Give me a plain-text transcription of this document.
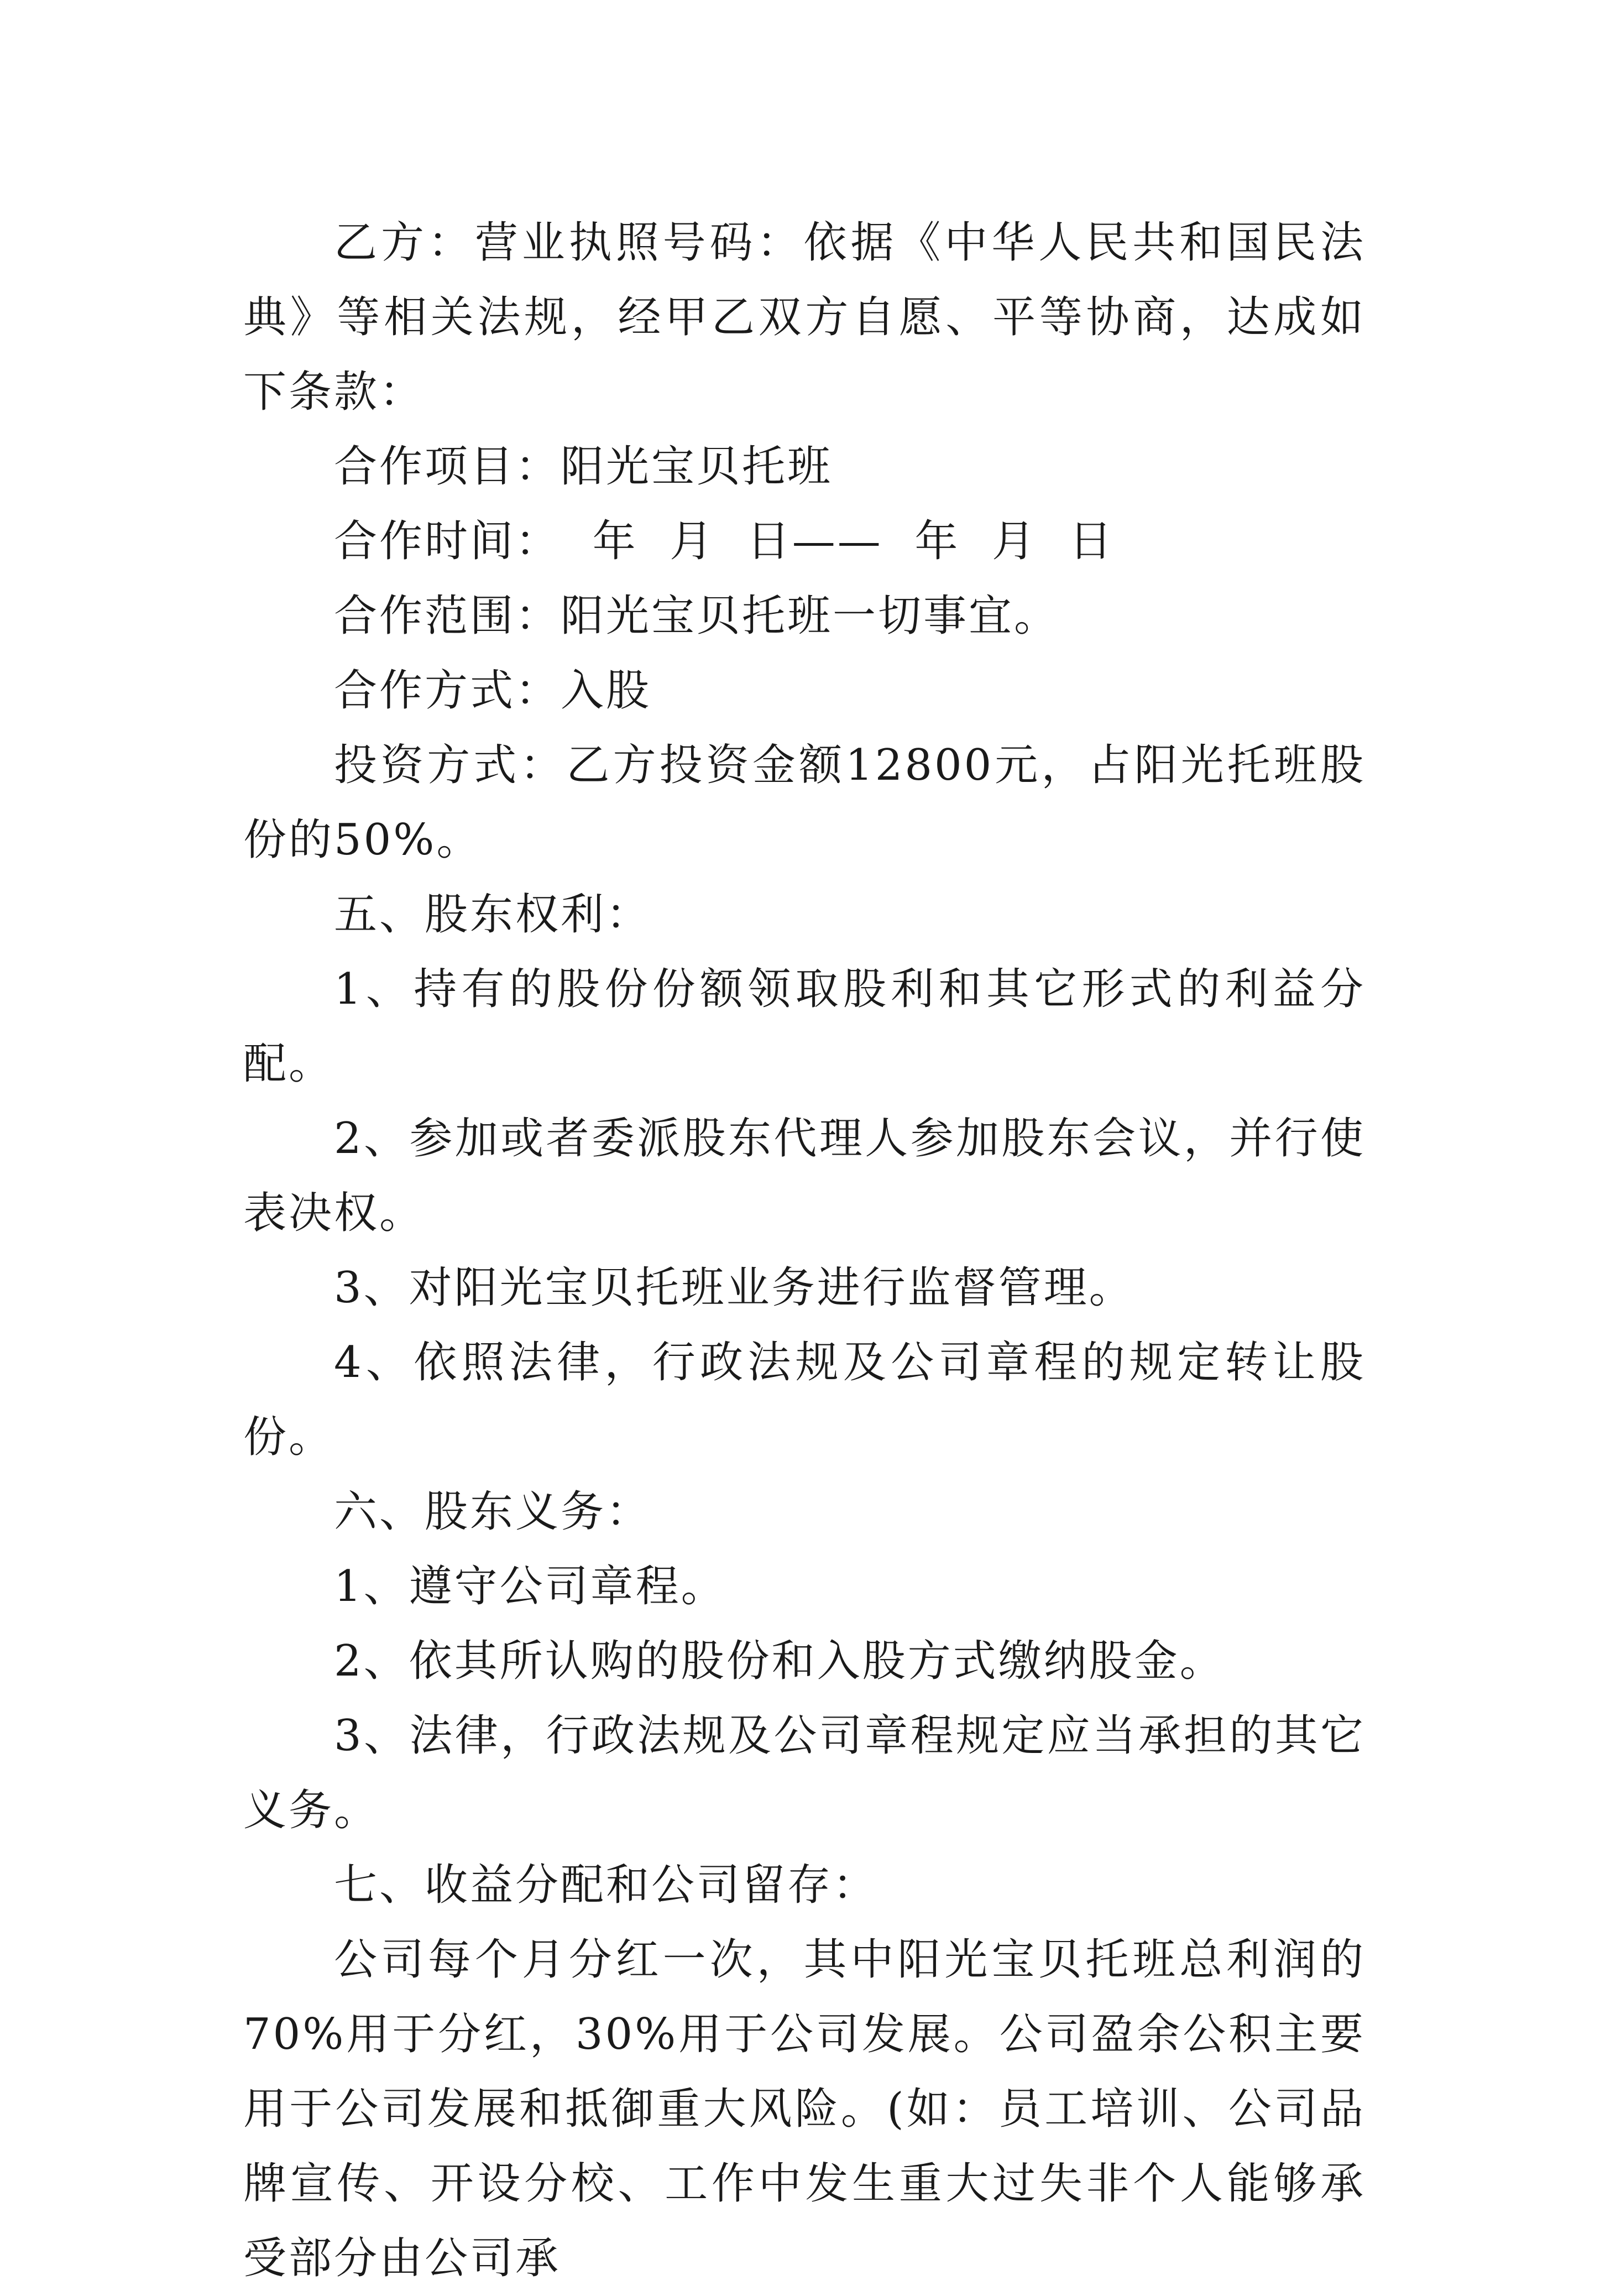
乙方：营业执照号码：依据《中华人民共和国民法典》等相关法规，经甲乙双方自愿、平等协商，达成如下条款：

合作项目：阳光宝贝托班

合作时间：  年  月  日——  年  月  日

合作范围：阳光宝贝托班一切事宜。

合作方式：入股

投资方式：乙方投资金额12800元，占阳光托班股份的50%。

五、股东权利：

1、持有的股份份额领取股利和其它形式的利益分配。

2、参加或者委派股东代理人参加股东会议，并行使表决权。

3、对阳光宝贝托班业务进行监督管理。

4、依照法律，行政法规及公司章程的规定转让股份。

六、股东义务：

1、遵守公司章程。

2、依其所认购的股份和入股方式缴纳股金。

3、法律，行政法规及公司章程规定应当承担的其它义务。

七、收益分配和公司留存：

公司每个月分红一次，其中阳光宝贝托班总利润的70%用于分红，30%用于公司发展。公司盈余公积主要用于公司发展和抵御重大风险。(如：员工培训、公司品牌宣传、开设分校、工作中发生重大过失非个人能够承受部分由公司承
